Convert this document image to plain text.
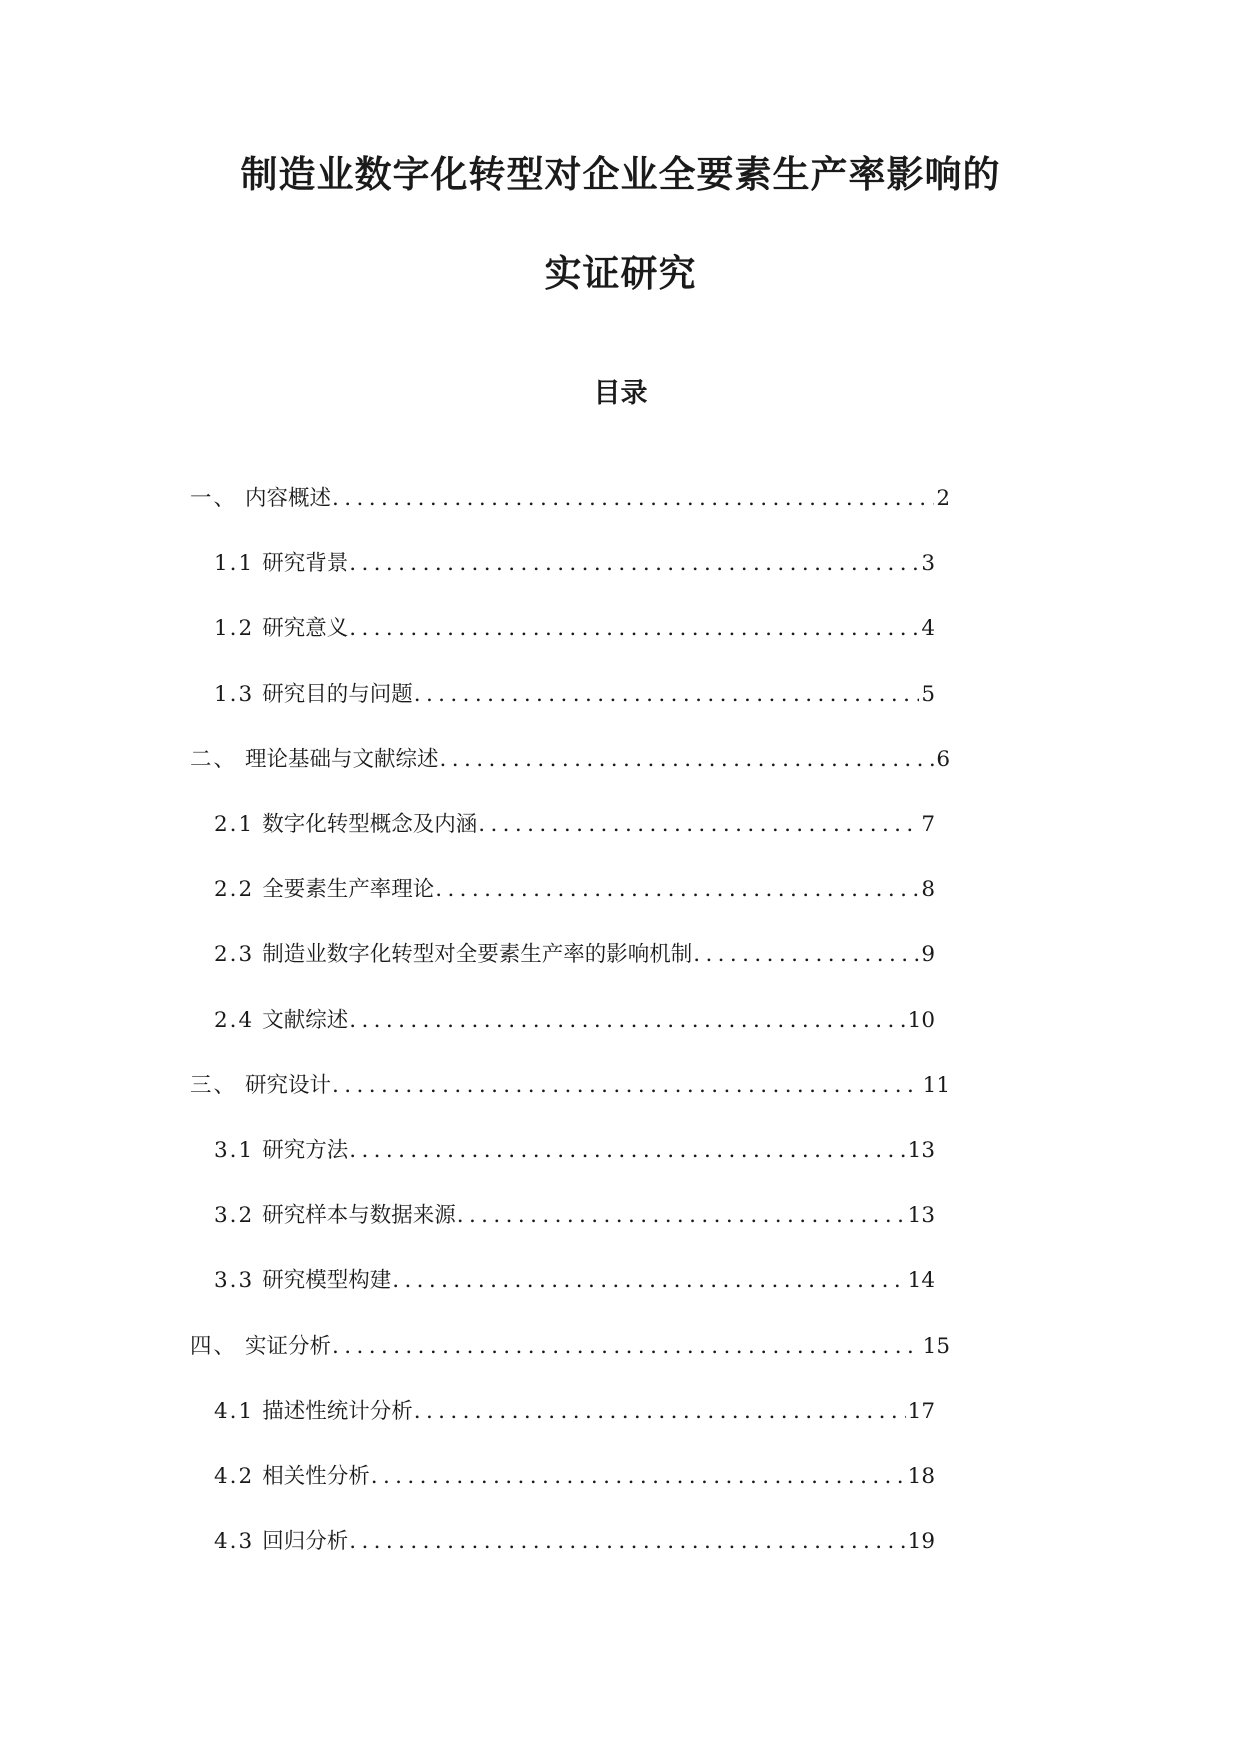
制造业数字化转型对企业全要素生产率影响的
实证研究
目录
一、 内容概述 .....	2
1.1 研究背景 .....	3
1.2 研究意义 .....	4
1.3 研究目的与问题 .....	5
二、 理论基础与文献综述 .....	6
2.1 数字化转型概念及内涵 .....	7
2.2 全要素生产率理论 .....	8
2.3 制造业数字化转型对全要素生产率的影响机制 .....	9
2.4 文献综述 .....	10
三、 研究设计 .....	11
3.1 研究方法 .....	13
3.2 研究样本与数据来源 .....	13
3.3 研究模型构建 .....	14
四、 实证分析 .....	15
4.1 描述性统计分析 .....	17
4.2 相关性分析 .....	18
4.3 回归分析 .....	19
